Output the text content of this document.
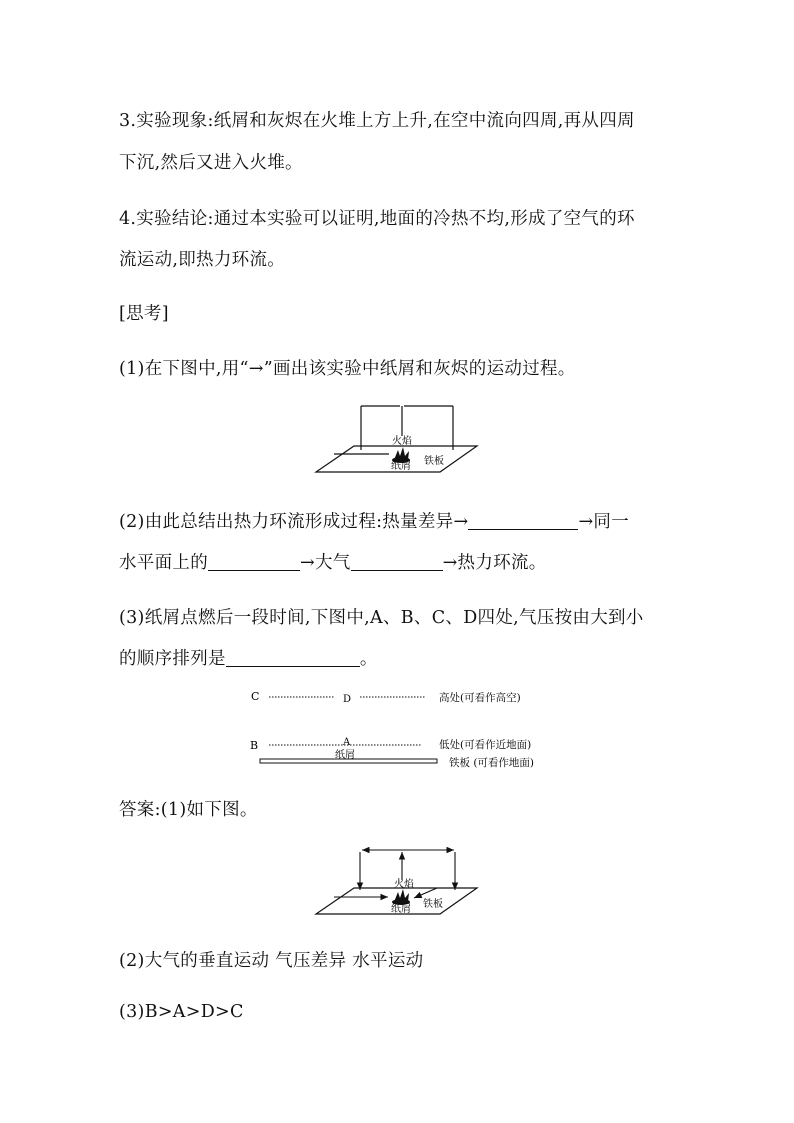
3.实验现象:纸屑和灰烬在火堆上方上升,在空中流向四周,再从四周
下沉,然后又进入火堆。
4.实验结论:通过本实验可以证明,地面的冷热不均,形成了空气的环
流运动,即热力环流。
[思考]
(1)在下图中,用“→”画出该实验中纸屑和灰烬的运动过程。
火焰
纸屑 铁板
(2)由此总结出热力环流形成过程:热量差异→	→同一
水平面上的	→大气	→热力环流。
(3)纸屑点燃后一段时间,下图中,A、B、C、D四处,气压按由大到小
的顺序排列是	。
C	D	高处(可看作高空)
B	A	低处(可看作近地面)
纸屑
铁板 (可看作地面)
答案:(1)如下图。
火焰
纸屑 铁板
(2)大气的垂直运动 气压差异 水平运动
(3)B>A>D>C
